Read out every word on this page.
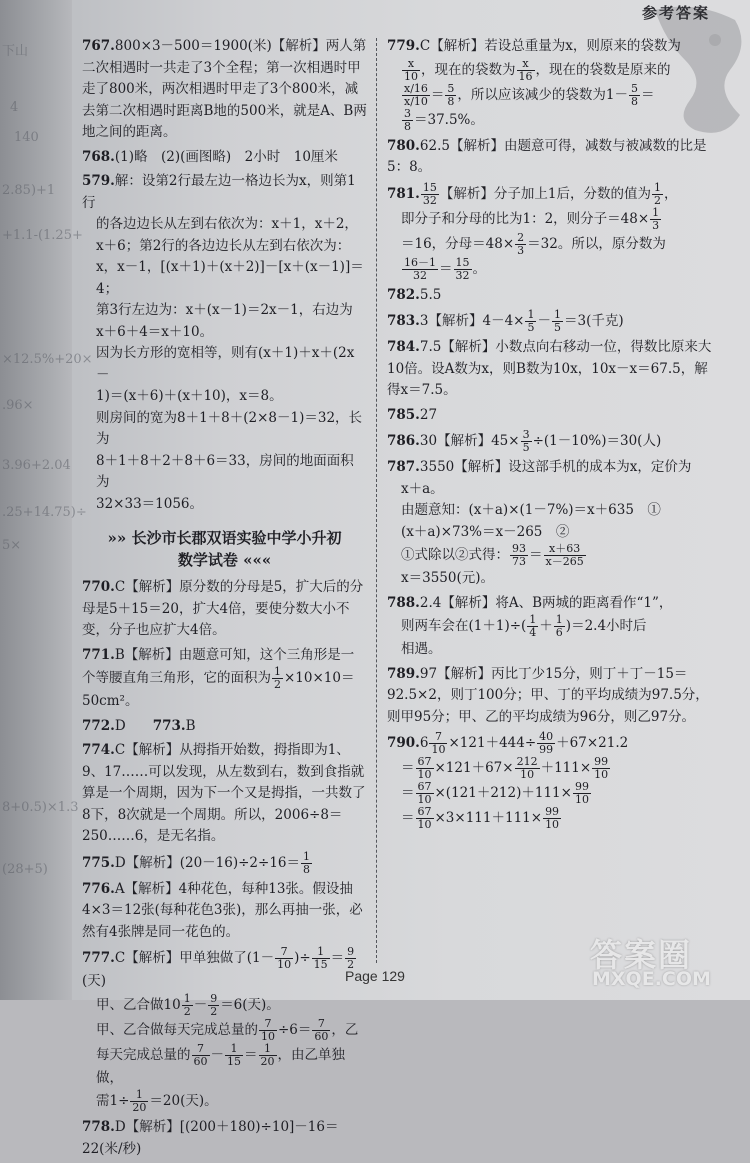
下山
4
140
2.85)+1
+1.1-(1.25+
×12.5%+20×
.96×
3.96+2.04
.25+14.75)÷
5×
8+0.5)×1.3
(28+5)
参考答案
767.800×3－500＝1900(米)【解析】两人第二次相遇时一共走了3个全程；第一次相遇时甲走了800米，两次相遇时甲走了3个800米，减去第二次相遇时距离B地的500米，就是A、B两地之间的距离。
768.(1)略　(2)(画图略)　2小时　10厘米
579.解：设第2行最左边一格边长为x，则第1行
的各边边长从左到右依次为：x＋1，x＋2，
x＋6；第2行的各边边长从左到右依次为：
x，x－1，[(x＋1)＋(x＋2)]－[x＋(x－1)]＝4；
第3行左边为：x＋(x－1)＝2x－1，右边为
x＋6＋4＝x＋10。
因为长方形的宽相等，则有(x＋1)＋x＋(2x－
1)＝(x＋6)＋(x＋10)，x＝8。
则房间的宽为8＋1＋8＋(2×8－1)＝32，长为
8＋1＋8＋2＋8＋6＝33，房间的地面面积为
32×33＝1056。
»» 长沙市长郡双语实验中学小升初
数学试卷 «««
770.C【解析】原分数的分母是5，扩大后的分母是5＋15＝20，扩大4倍，要使分数大小不变，分子也应扩大4倍。
771.B【解析】由题意可知，这个三角形是一个等腰直角三角形，它的面积为 $\frac{1}{2} \times 10\times 10=50cm^2$。
772.D　　773.B
774.C【解析】从拇指开始数，拇指即为1、9、17……可以发现，从左数到右，数到食指就算是一个周期，因为下一个又是拇指，一共数了8下，8次就是一个周期。所以，2006÷8＝250……6，是无名指。
775.D【解析】$(20-16)\div 2\div 16= \frac{1}{8}$
776.A【解析】4种花色，每种13张。假设抽4×3＝12张(每种花色3张)，那么再抽一张，必然有4张牌是同一花色的。
777.C【解析】甲单独做了($1- \frac{7}{10}$ )÷ $\frac{1}{15} = \frac{9}{2}$
(天)
甲、乙合做$10 \frac{1}{2} - \frac{9}{2} =6$(天)。
甲、乙合做每天完成总量的 $\frac{7}{10} \div 6= \frac{7}{60}$ ，乙
每天完成总量的 $\frac{7}{60} - \frac{1}{15} = \frac{1}{20}$ ，由乙单独做，
需$1\div \frac{1}{20} =20$(天)。
778.D【解析】[(200＋180)÷10]－16＝22(米/秒)
779.C【解析】若设总重量为x，则原来的袋数为
$\frac{x}{10}$ ，现在的袋数为 $\frac{x}{16}$ ，现在的袋数是原来的
$\frac{x/16}{x/10} = \frac{5}{8}$ ，所以应该减少的袋数为$1- \frac{5}{8}$ ＝
$\frac{3}{8} =37.5\%$。
780.62.5【解析】由题意可得，减数与被减数的比是5：8。
781. $\frac{15}{32}$ 【解析】分子加上1后，分数的值为 $\frac{1}{2}$ ，
即分子和分母的比为1：2，则分子$=48\times \frac{1}{3}$
＝16，分母$=48\times \frac{2}{3} =32$。所以，原分数为
$\frac{16-1}{32} = \frac{15}{32}$ 。
782.5.5
783.3【解析】$4-4\times \frac{1}{5} - \frac{1}{5} =3$(千克)
784.7.5【解析】小数点向右移动一位，得数比原来大10倍。设A数为x，则B数为10x，10x－x＝67.5，解得x＝7.5。
785.27
786.30【解析】$45\times \frac{3}{5} \div(1-10\%)=30$(人)
787.3550【解析】设这部手机的成本为x，定价为
x＋a。
由题意知：(x＋a)×(1－7%)＝x＋635　①
(x＋a)×73%＝x－265　②
①式除以②式得： $\frac{93}{73} = \frac{x+63}{x-265}$
x＝3550(元)。
788.2.4【解析】将A、B两城的距离看作“1”，
则两车会在$(1+1)\div( \frac{1}{4} + \frac{1}{6} )=2.4$小时后
相遇。
789.97【解析】丙比丁少15分，则丁＋丁－15＝92.5×2，则丁100分；甲、丁的平均成绩为97.5分，则甲95分；甲、乙的平均成绩为96分，则乙97分。
$790.6 \frac{7}{10} \times 121+444\div \frac{40}{99} +67\times 21.2$
＝ $\frac{67}{10} \times 121+67\times \frac{212}{10} +111\times \frac{99}{10}$
＝ $\frac{67}{10} \times(121+212)+111\times \frac{99}{10}$
＝ $\frac{67}{10} \times 3\times 111+111\times \frac{99}{10}$
Page 129
答案圈
MXQE.COM
